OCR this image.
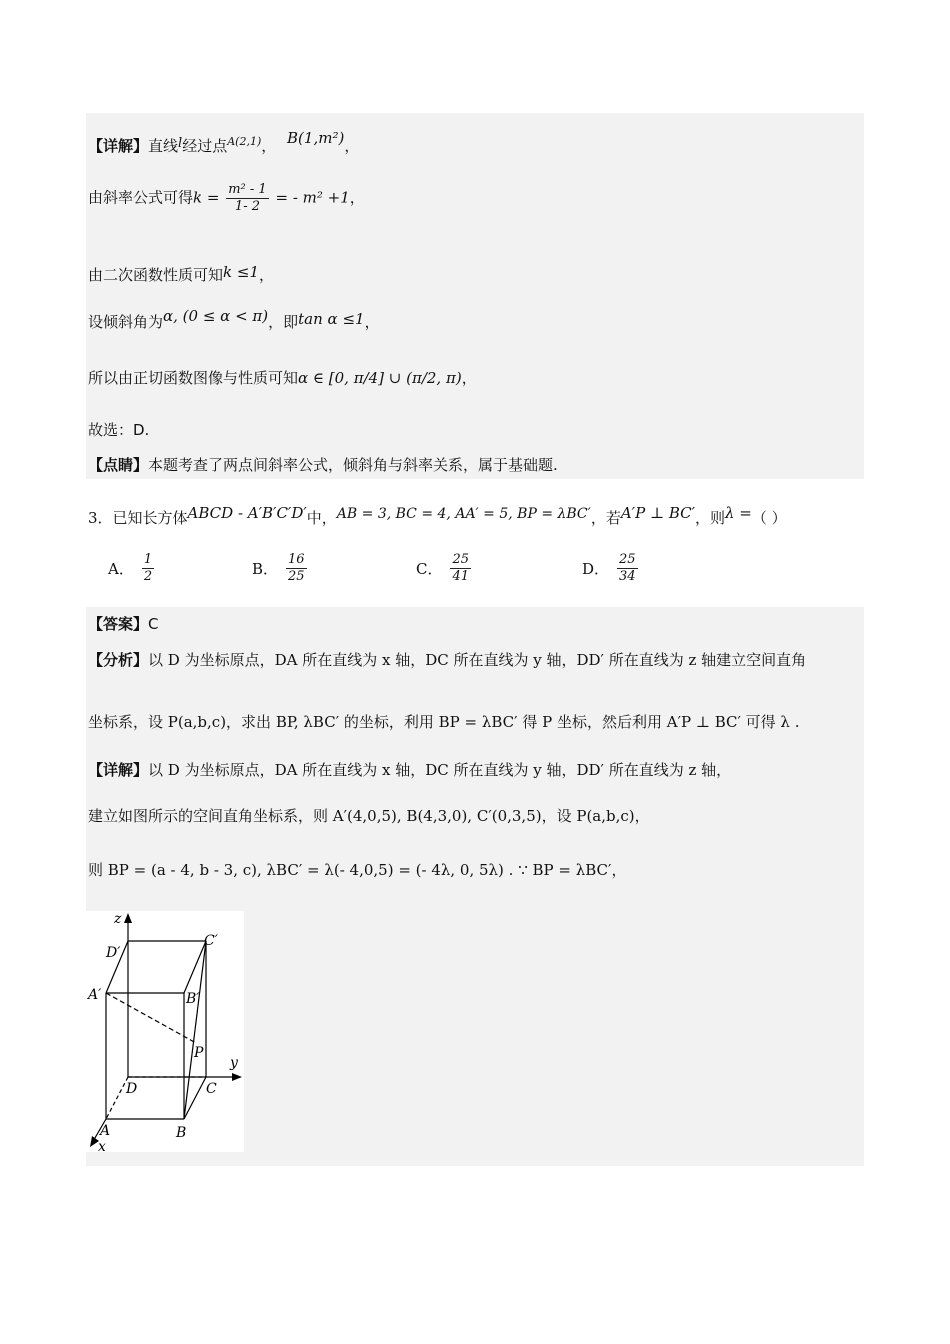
【详解】直线l经过点$^{A(2,1)}$， B(1,m²)，
由斜率公式可得$k = \frac{\text{m² - 1}}{1- 2}$ = - m² +1，
由二次函数性质可知k ≤1，
设倾斜角为α, (0 ≤ α < π)，即tan α ≤1，
所以由正切函数图像与性质可知α ∈ [0, π/4] ∪ (π/2, π)，
故选：D.
【点睛】本题考查了两点间斜率公式，倾斜角与斜率关系，属于基础题.
3．已知长方体ABCD - A′B′C′D′中，AB = 3, BC = 4, AA′ = 5, BP = λBC′，若A′P ⊥ BC′，则λ =（ ）
A． $\frac{1}{2}$	B． $\frac{16}{25}$	C． $\frac{25}{41}$	D． $\frac{25}{34}$
【答案】C
【分析】以 D 为坐标原点，DA 所在直线为 x 轴，DC 所在直线为 y 轴，DD′ 所在直线为 z 轴建立空间直角
坐标系，设 P(a,b,c)，求出 BP, λBC′ 的坐标，利用 BP = λBC′ 得 P 坐标，然后利用 A′P ⊥ BC′ 可得 λ .
【详解】以 D 为坐标原点，DA 所在直线为 x 轴，DC 所在直线为 y 轴，DD′ 所在直线为 z 轴，
建立如图所示的空间直角坐标系，则 A′(4,0,5), B(4,3,0), C′(0,3,5)，设 P(a,b,c)，
则 BP = (a - 4, b - 3, c), λBC′ = λ(- 4,0,5) = (- 4λ, 0, 5λ) . ∵ BP = λBC′，
z
D′
C′
A′	B′
P
y
D	C
A	B
x
